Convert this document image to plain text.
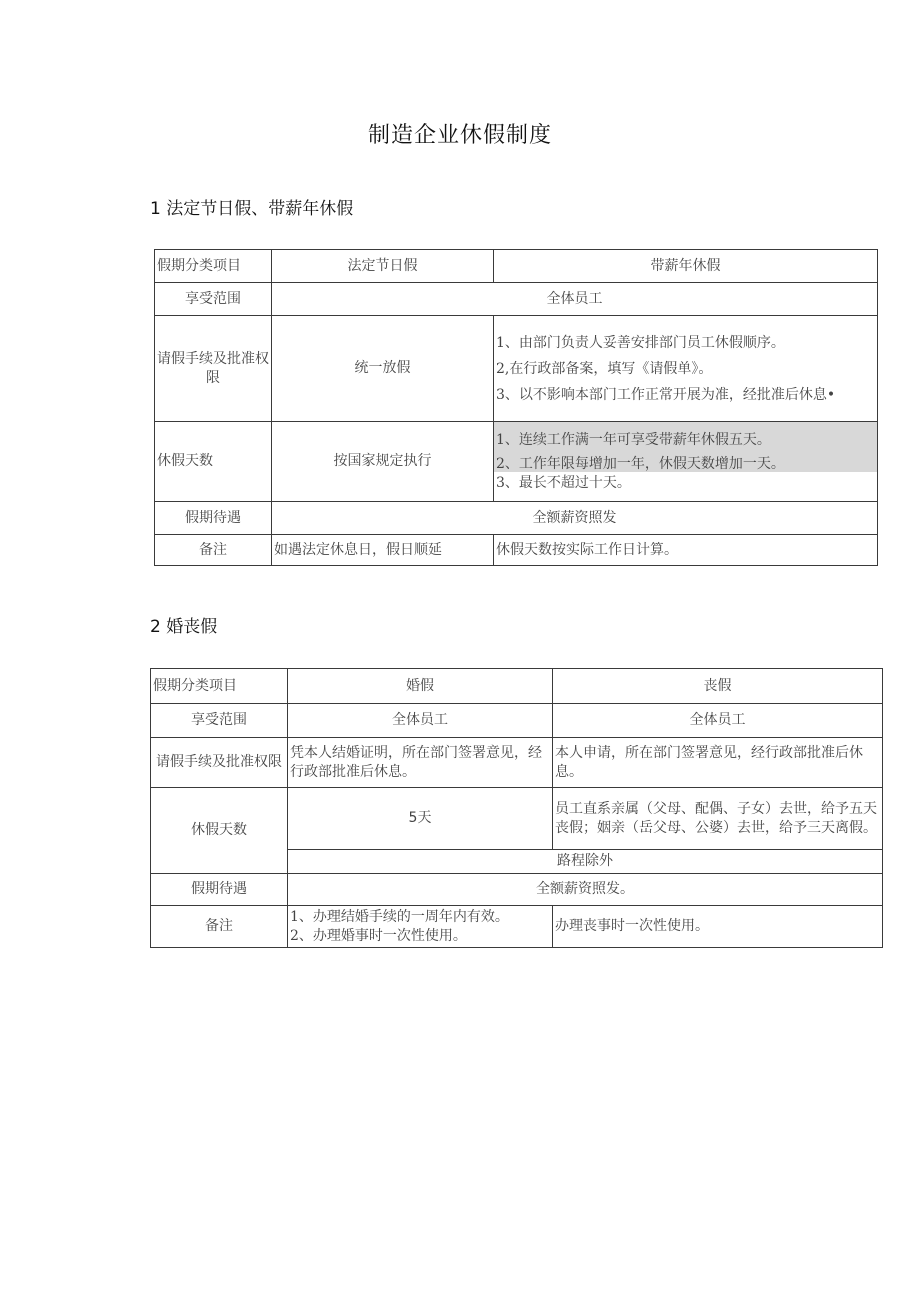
制造企业休假制度
1 法定节日假、带薪年休假
假期分类项目	法定节日假	带薪年休假
享受范围	全体员工	
请假手续及批准权限	统一放假	1、由部门负责人妥善安排部门员工休假顺序。
2,在行政部备案，填写《请假单》。
3、以不影响本部门工作正常开展为准，经批准后休息•

休假天数	按国家规定执行	1、连续工作满一年可享受带薪年休假五天。
2、工作年限每增加一年，休假天数增加一天。
3、最长不超过十天。

假期待遇	全额薪资照发	
备注	如遇法定休息日，假日顺延	休假天数按实际工作日计算。
2 婚丧假
假期分类项目	婚假	丧假
享受范围	全体员工	全体员工
请假手续及批准权限	凭本人结婚证明，所在部门签署意见，经行政部批准后休息。	本人申请，所在部门签署意见，经行政部批准后休息。
休假天数	5天	员工直系亲属（父母、配偶、子女）去世，给予五天丧假；姻亲（岳父母、公婆）去世，给予三天离假。
	路程除外	
假期待遇	全额薪资照发。	
备注	1、办理结婚手续的一周年内有效。
2、办理婚事时一次性使用。	办理丧事时一次性使用。
